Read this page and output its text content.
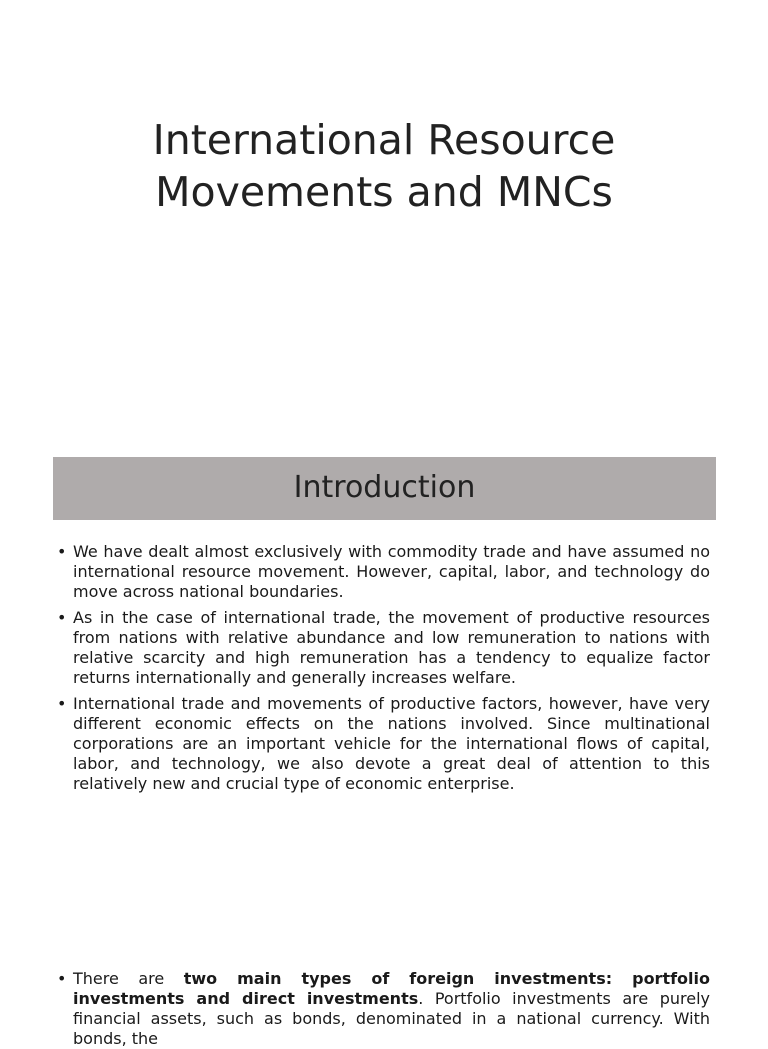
International Resource
Movements and MNCs
Introduction
• We have dealt almost exclusively with commodity trade and have assumed no international resource movement. However, capital, labor, and technology do move across national boundaries.
• As in the case of international trade, the movement of productive resources from nations with relative abundance and low remuneration to nations with relative scarcity and high remuneration has a tendency to equalize factor returns internationally and generally increases welfare.
• International trade and movements of productive factors, however, have very different economic effects on the nations involved. Since multinational corporations are an important vehicle for the international flows of capital, labor, and technology, we also devote a great deal of attention to this relatively new and crucial type of economic enterprise.
• There are two main types of foreign investments: portfolio investments and direct investments. Portfolio investments are purely financial assets, such as bonds, denominated in a national currency. With bonds, the
